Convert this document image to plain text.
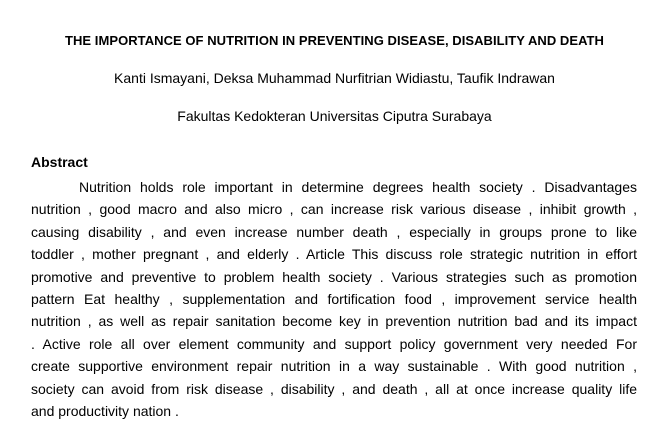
THE IMPORTANCE OF NUTRITION IN PREVENTING DISEASE, DISABILITY AND DEATH
Kanti Ismayani, Deksa Muhammad Nurfitrian Widiastu, Taufik Indrawan
Fakultas Kedokteran Universitas Ciputra Surabaya
Abstract
Nutrition holds role important in determine degrees health society . Disadvantages
nutrition , good macro and also micro , can increase risk various disease , inhibit growth ,
causing disability , and even increase number death , especially in groups prone to like
toddler , mother pregnant , and elderly . Article This discuss role strategic nutrition in effort
promotive and preventive to problem health society . Various strategies such as promotion
pattern Eat healthy , supplementation and fortification food , improvement service health
nutrition , as well as repair sanitation become key in prevention nutrition bad and its impact
. Active role all over element community and support policy government very needed For
create supportive environment repair nutrition in a way sustainable . With good nutrition ,
society can avoid from risk disease , disability , and death , all at once increase quality life
and productivity nation .
